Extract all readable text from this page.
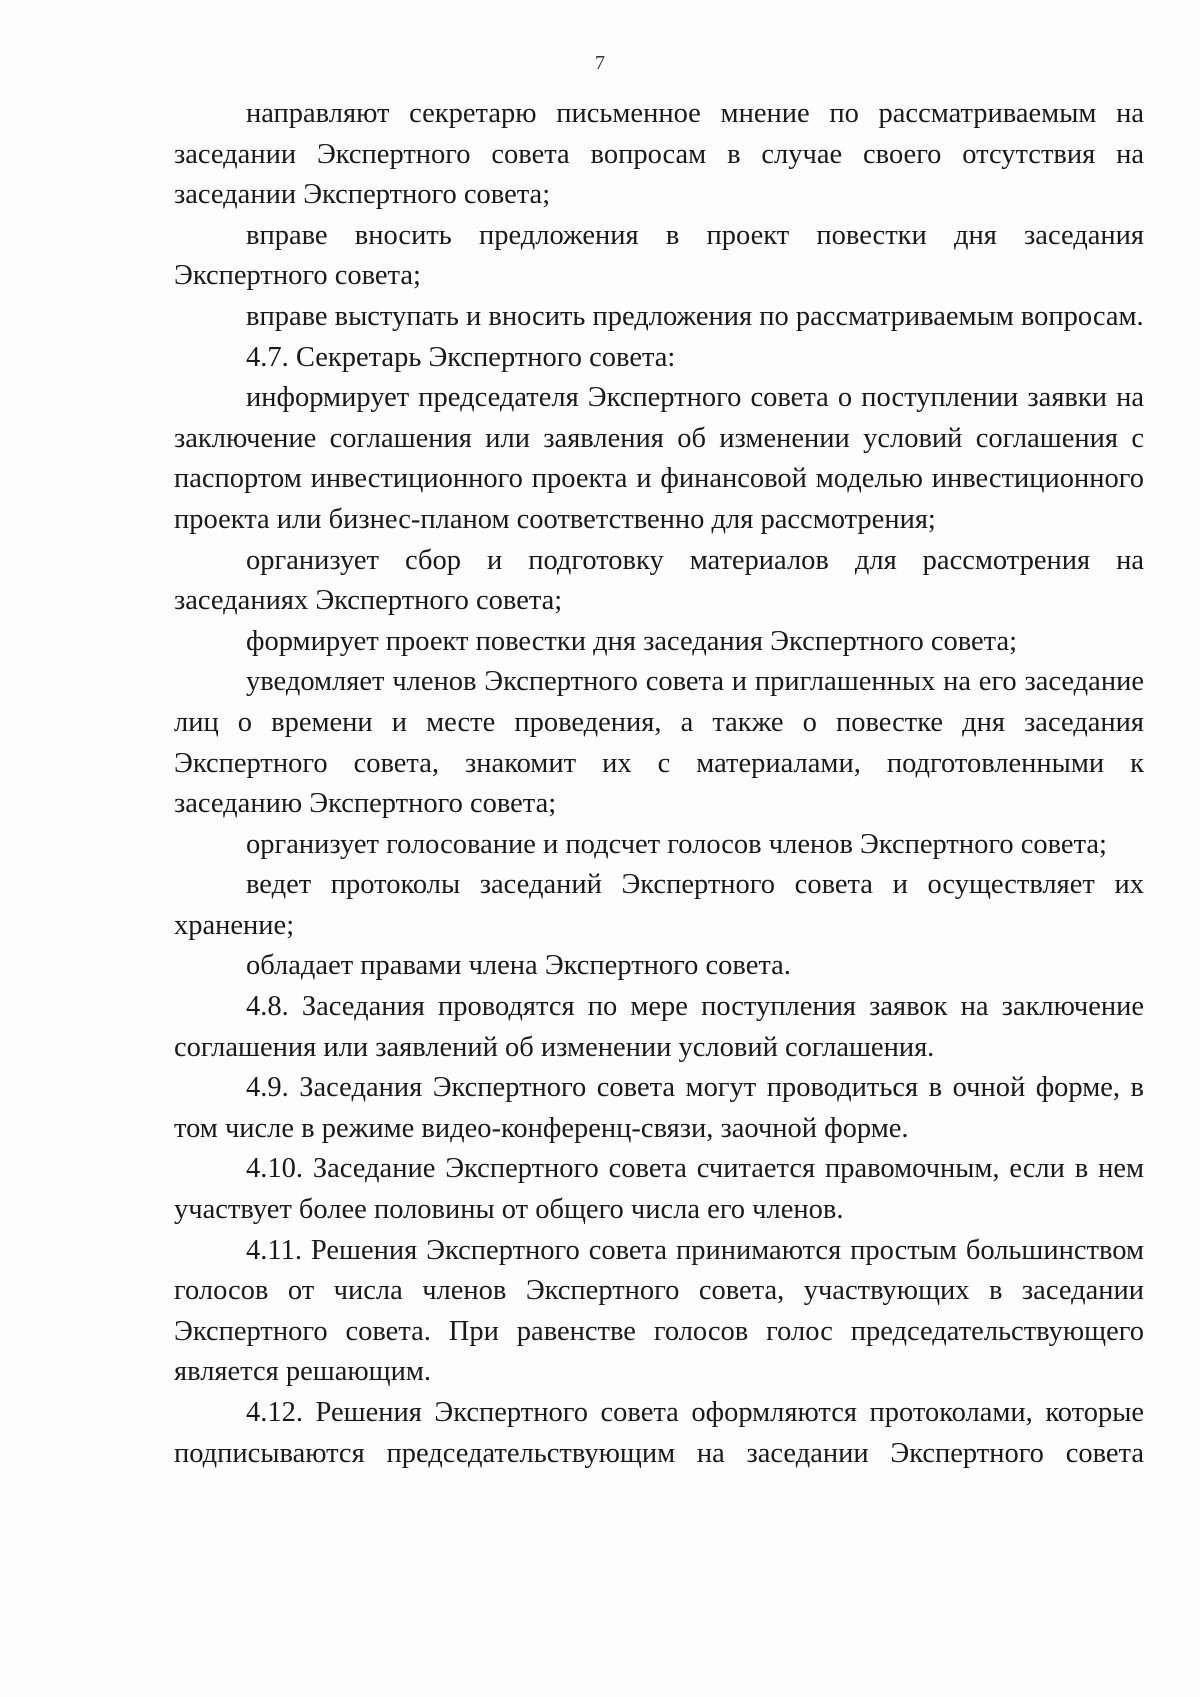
7

направляют секретарю письменное мнение по рассматриваемым на заседании Экспертного совета вопросам в случае своего отсутствия на заседании Экспертного совета;

вправе вносить предложения в проект повестки дня заседания Экспертного совета;

вправе выступать и вносить предложения по рассматриваемым вопросам.

4.7. Секретарь Экспертного совета:

информирует председателя Экспертного совета о поступлении заявки на заключение соглашения или заявления об изменении условий соглашения с паспортом инвестиционного проекта и финансовой моделью инвестиционного проекта или бизнес-планом соответственно для рассмотрения;

организует сбор и подготовку материалов для рассмотрения на заседаниях Экспертного совета;

формирует проект повестки дня заседания Экспертного совета;

уведомляет членов Экспертного совета и приглашенных на его заседание лиц о времени и месте проведения, а также о повестке дня заседания Экспертного совета, знакомит их с материалами, подготовленными к заседанию Экспертного совета;

организует голосование и подсчет голосов членов Экспертного совета;

ведет протоколы заседаний Экспертного совета и осуществляет их хранение;

обладает правами члена Экспертного совета.

4.8. Заседания проводятся по мере поступления заявок на заключение соглашения или заявлений об изменении условий соглашения.

4.9. Заседания Экспертного совета могут проводиться в очной форме, в том числе в режиме видео-конференц-связи, заочной форме.

4.10. Заседание Экспертного совета считается правомочным, если в нем участвует более половины от общего числа его членов.

4.11. Решения Экспертного совета принимаются простым большинством голосов от числа членов Экспертного совета, участвующих в заседании Экспертного совета. При равенстве голосов голос председательствующего является решающим.

4.12. Решения Экспертного совета оформляются протоколами, которые подписываются председательствующим на заседании Экспертного совета
